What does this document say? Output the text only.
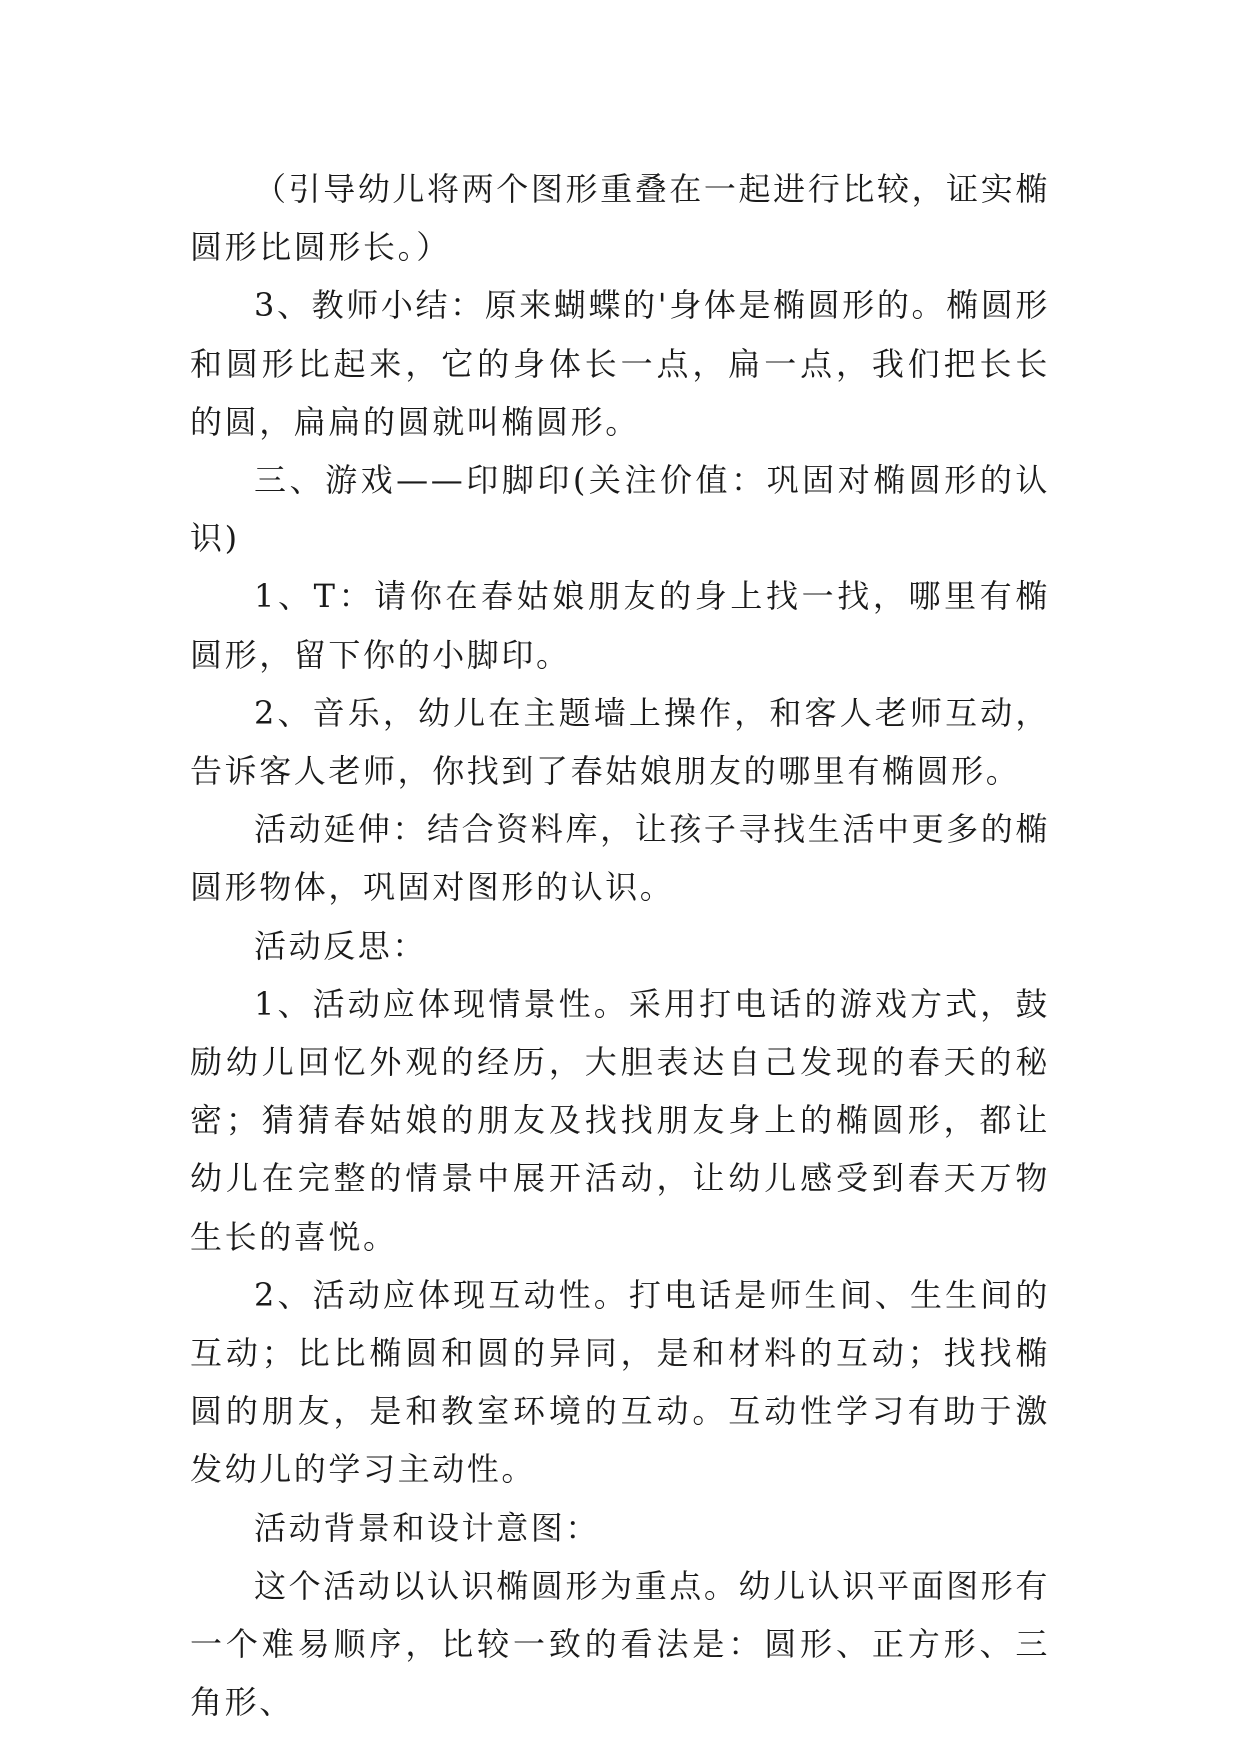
（引导幼儿将两个图形重叠在一起进行比较，证实椭圆形比圆形长。）

3、教师小结：原来蝴蝶的'身体是椭圆形的。椭圆形和圆形比起来，它的身体长一点，扁一点，我们把长长的圆，扁扁的圆就叫椭圆形。

三、游戏——印脚印(关注价值：巩固对椭圆形的认识)

1、T：请你在春姑娘朋友的身上找一找，哪里有椭圆形，留下你的小脚印。

2、音乐，幼儿在主题墙上操作，和客人老师互动，告诉客人老师，你找到了春姑娘朋友的哪里有椭圆形。

活动延伸：结合资料库，让孩子寻找生活中更多的椭圆形物体，巩固对图形的认识。

活动反思：

1、活动应体现情景性。采用打电话的游戏方式，鼓励幼儿回忆外观的经历，大胆表达自己发现的春天的秘密；猜猜春姑娘的朋友及找找朋友身上的椭圆形，都让幼儿在完整的情景中展开活动，让幼儿感受到春天万物生长的喜悦。

2、活动应体现互动性。打电话是师生间、生生间的互动；比比椭圆和圆的异同，是和材料的互动；找找椭圆的朋友，是和教室环境的互动。互动性学习有助于激发幼儿的学习主动性。

活动背景和设计意图：

这个活动以认识椭圆形为重点。幼儿认识平面图形有一个难易顺序，比较一致的看法是：圆形、正方形、三角形、
